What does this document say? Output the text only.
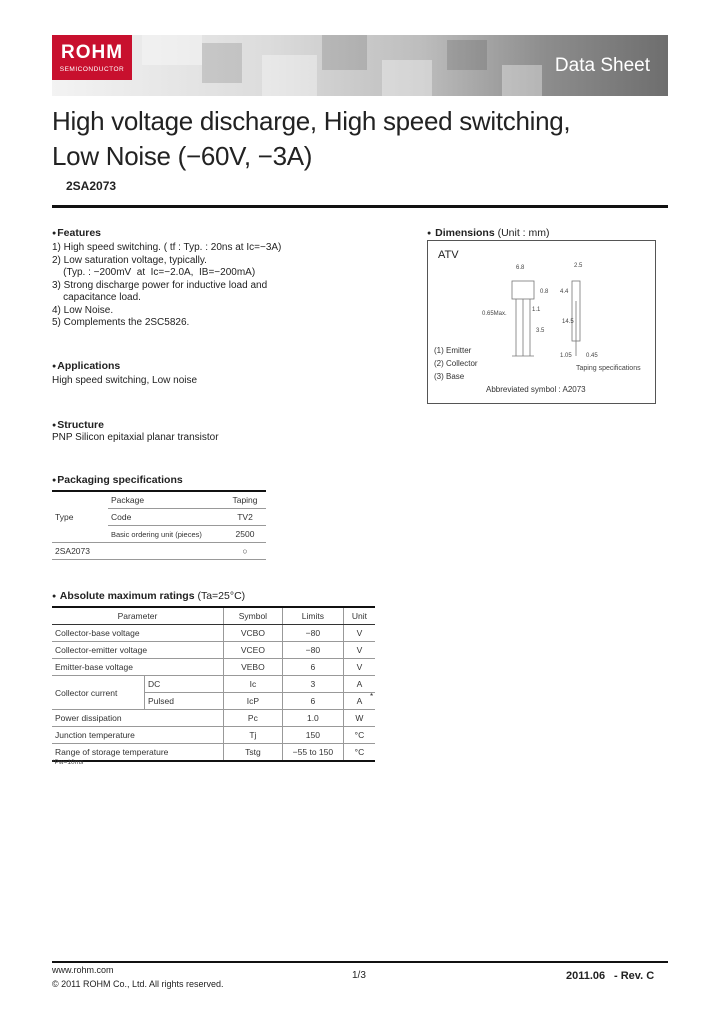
ROHM
SEMICONDUCTOR	Data Sheet
High voltage discharge, High speed switching,
Low Noise (−60V, −3A)
2SA2073
● Features
1) High speed switching. ( tf : Typ. : 20ns at Ic=−3A)
2) Low saturation voltage, typically.
(Typ. : −200mV  at  Ic=−2.0A,  IB=−200mA)
3) Strong discharge power for inductive load and
capacitance load.
4) Low Noise.
5) Complements the 2SC5826.
● Applications
High speed switching, Low noise
● Structure
PNP Silicon epitaxial planar transistor
● Dimensions (Unit : mm)
ATV
6.8	2.5
0.8
1.1
4.4
0.65Max.
3.5
14.5
1.05 0.45
(1) Emitter
(2) Collector
(3) Base
Taping specifications
Abbreviated symbol : A2073
● Packaging specifications
Type	Package	Taping
	Code	TV2
	Basic ordering unit (pieces)	2500
2SA2073		○
● Absolute maximum ratings (Ta=25°C)
Parameter		Symbol	Limits	Unit
Collector-base voltage		VCBO	−80	V
Collector-emitter voltage		VCEO	−80	V
Emitter-base voltage		VEBO	6	V
Collector current	DC	Ic	3	A
	Pulsed	IcP	6	A
Power dissipation		Pc	1.0	W
Junction temperature		Tj	150	°C
Range of storage temperature		Tstg	−55 to 150	°C
*
*Pw=10ms
www.rohm.com
© 2011 ROHM Co., Ltd. All rights reserved.
1/3	2011.06 - Rev. C
